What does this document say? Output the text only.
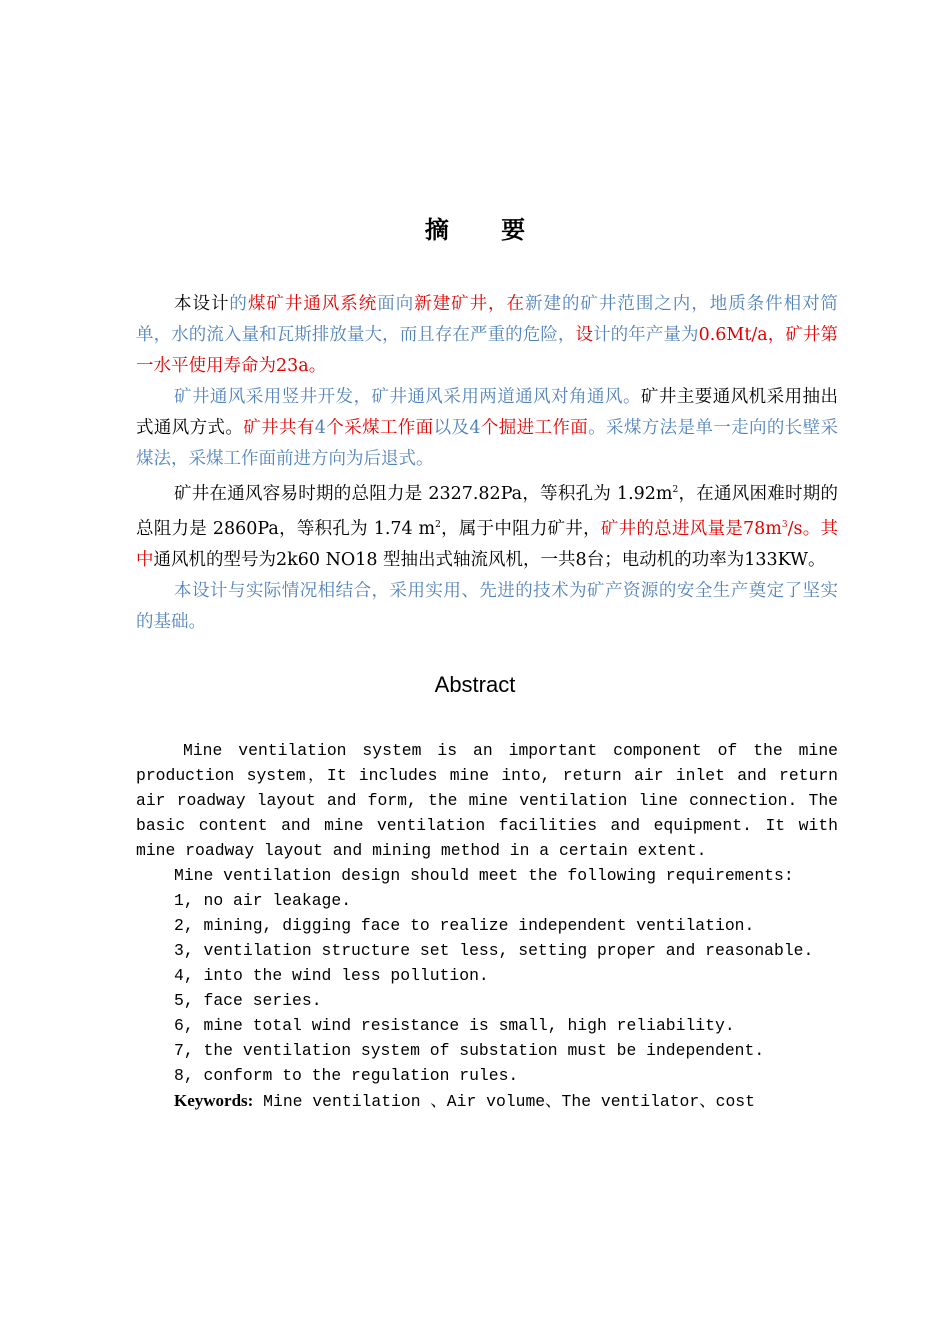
摘 要

本设计的煤矿井通风系统面向新建矿井，在新建的矿井范围之内，地质条件相对简单，水的流入量和瓦斯排放量大，而且存在严重的危险，设计的年产量为0.6Mt/a，矿井第一水平使用寿命为23a。

矿井通风采用竖井开发，矿井通风采用两道通风对角通风。矿井主要通风机采用抽出式通风方式。矿井共有4个采煤工作面以及4个掘进工作面。采煤方法是单一走向的长壁采煤法，采煤工作面前进方向为后退式。

矿井在通风容易时期的总阻力是 2327.82Pa，等积孔为 $1.92m^2$，在通风困难时期的总阻力是 2860Pa，等积孔为 1.74 $m^2$，属于中阻力矿井，矿井的总进风量是$78m^3/s$。其中通风机的型号为2k60 NO18 型抽出式轴流风机，一共8台；电动机的功率为133KW。

本设计与实际情况相结合，采用实用、先进的技术为矿产资源的安全生产奠定了坚实的基础。

Abstract

Mine ventilation system is an important component of the mine production system，It includes mine into, return air inlet and return air roadway layout and form, the mine ventilation line connection. The basic content and mine ventilation facilities and equipment. It with mine roadway layout and mining method in a certain extent.

Mine ventilation design should meet the following requirements:

1, no air leakage.

2, mining, digging face to realize independent ventilation.

3, ventilation structure set less, setting proper and reasonable.

4, into the wind less pollution.

5, face series.

6, mine total wind resistance is small, high reliability.

7, the ventilation system of substation must be independent.

8, conform to the regulation rules.

Keywords: Mine ventilation 、Air volume、The ventilator、cost
